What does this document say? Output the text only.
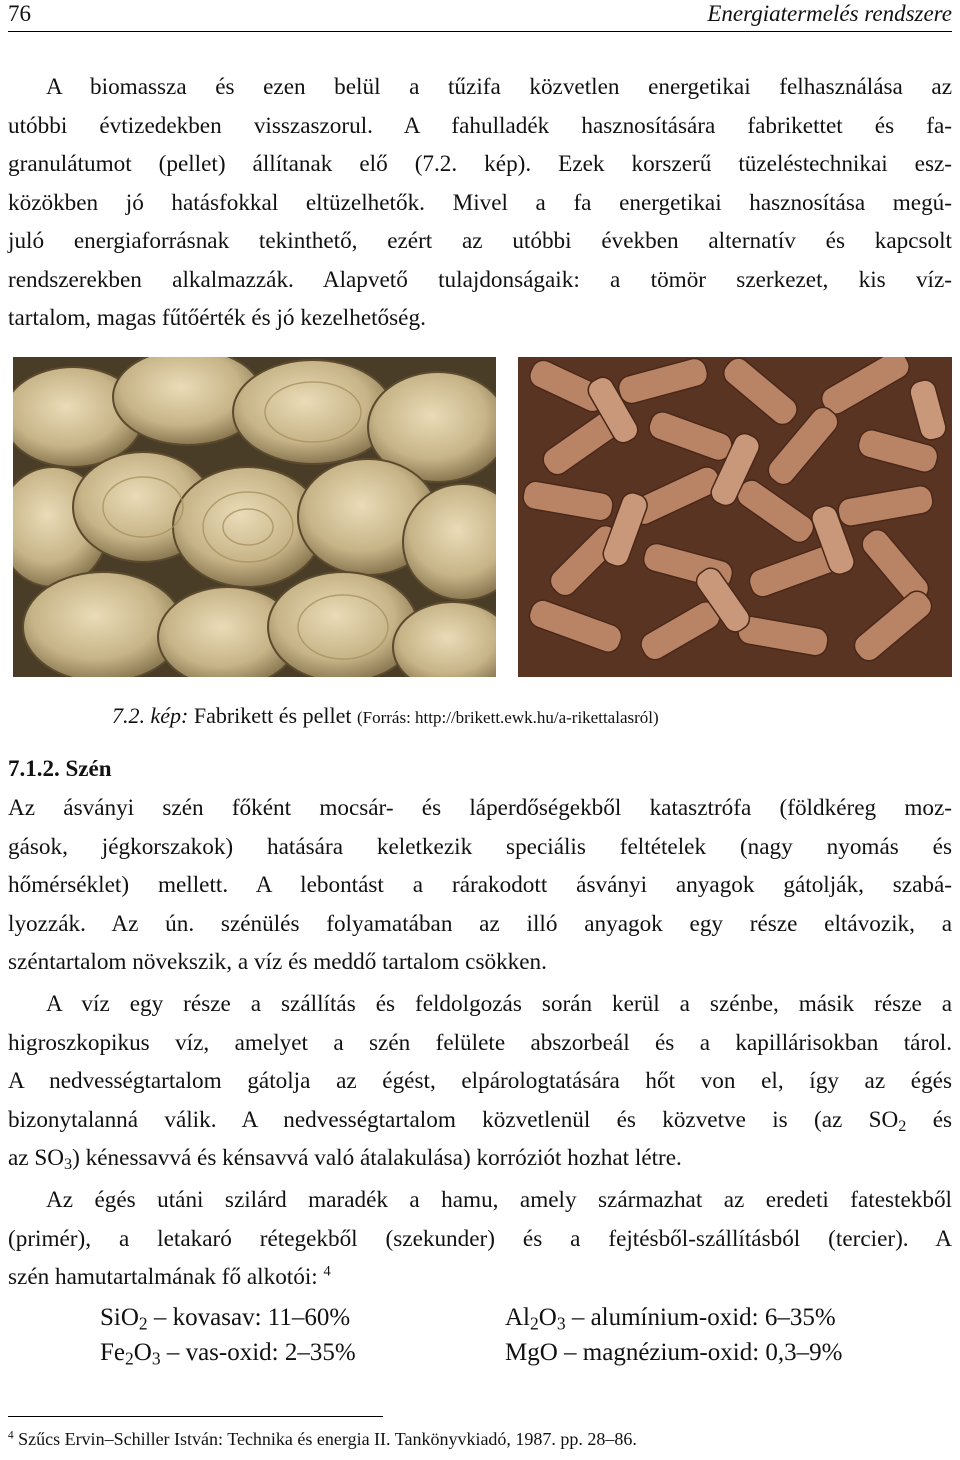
76	Energiatermelés rendszere
A biomassza és ezen belül a tűzifa közvetlen energetikai felhasználása az
utóbbi évtizedekben visszaszorul. A fahulladék hasznosítására fabrikettet és fa-
granulátumot (pellet) állítanak elő (7.2. kép). Ezek korszerű tüzeléstechnikai esz-
közökben jó hatásfokkal eltüzelhetők. Mivel a fa energetikai hasznosítása megú-
juló energiaforrásnak tekinthető, ezért az utóbbi években alternatív és kapcsolt
rendszerekben alkalmazzák. Alapvető tulajdonságaik: a tömör szerkezet, kis víz-
tartalom, magas fűtőérték és jó kezelhetőség.
7.2. kép: Fabrikett és pellet (Forrás: http://brikett.ewk.hu/a-rikettalasról)
7.1.2. Szén
Az ásványi szén főként mocsár- és láperdőségekből katasztrófa (földkéreg moz-
gások, jégkorszakok) hatására keletkezik speciális feltételek (nagy nyomás és
hőmérséklet) mellett. A lebontást a rárakodott ásványi anyagok gátolják, szabá-
lyozzák. Az ún. szénülés folyamatában az illó anyagok egy része eltávozik, a
széntartalom növekszik, a víz és meddő tartalom csökken.
A víz egy része a szállítás és feldolgozás során kerül a szénbe, másik része a
higroszkopikus víz, amelyet a szén felülete abszorbeál és a kapillárisokban tárol.
A nedvességtartalom gátolja az égést, elpárologtatására hőt von el, így az égés
bizonytalanná válik. A nedvességtartalom közvetlenül és közvetve is (az $SO_2$ és
az $SO_3$) kénessavvá és kénsavvá való átalakulása) korróziót hozhat létre.
Az égés utáni szilárd maradék a hamu, amely származhat az eredeti fatestekből
(primér), a letakaró rétegekből (szekunder) és a fejtésből-szállításból (tercier). A
szén hamutartalmának fő alkotói: $^4$
SiO$_2$ – kovasav: 11–60%	$Al_2O_3$ – alumínium-oxid: 6–35%
$Fe_2O_3$ – vas-oxid: 2–35%	MgO – magnézium-oxid: 0,3–9%
$^4$ Szűcs Ervin–Schiller István: Technika és energia II. Tankönyvkiadó, 1987. pp. 28–86.
